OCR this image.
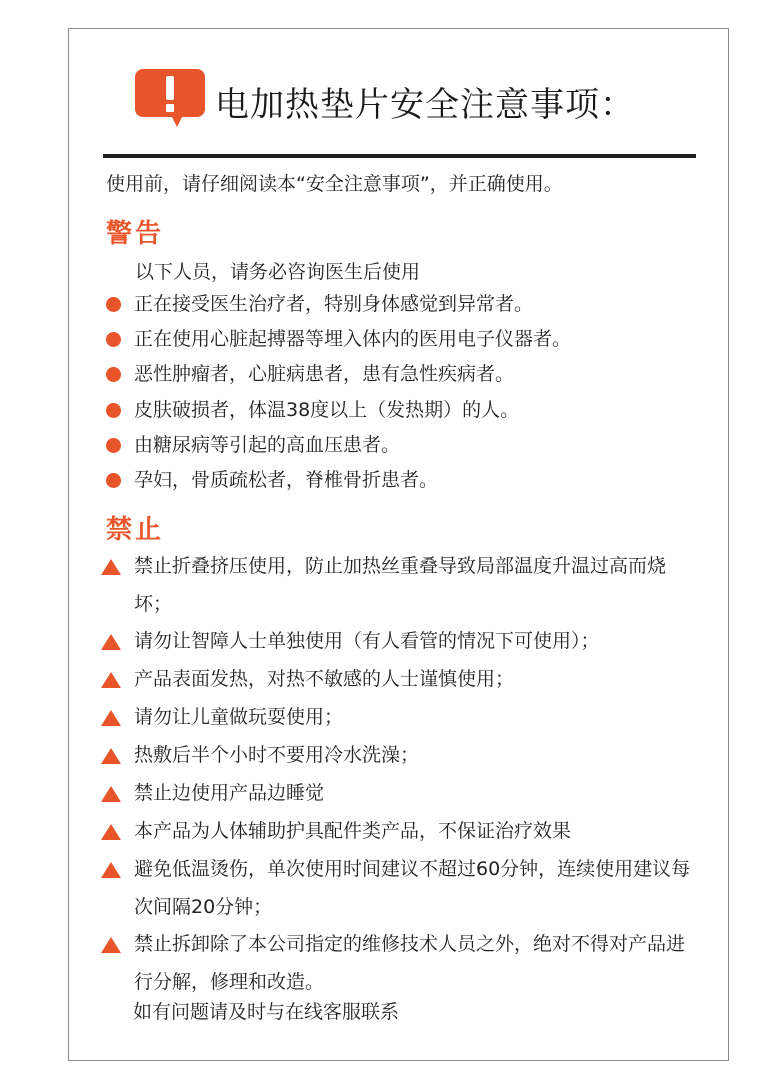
电加热垫片安全注意事项：
使用前，请仔细阅读本“安全注意事项”，并正确使用。
警告
以下人员，请务必咨询医生后使用
正在接受医生治疗者，特别身体感觉到异常者。
正在使用心脏起搏器等埋入体内的医用电子仪器者。
恶性肿瘤者，心脏病患者，患有急性疾病者。
皮肤破损者，体温38度以上（发热期）的人。
由糖尿病等引起的高血压患者。
孕妇，骨质疏松者，脊椎骨折患者。
禁止
禁止折叠挤压使用，防止加热丝重叠导致局部温度升温过高而烧坏；
请勿让智障人士单独使用（有人看管的情况下可使用）；
产品表面发热，对热不敏感的人士谨慎使用；
请勿让儿童做玩耍使用；
热敷后半个小时不要用冷水洗澡；
禁止边使用产品边睡觉
本产品为人体辅助护具配件类产品，不保证治疗效果
避免低温烫伤，单次使用时间建议不超过60分钟，连续使用建议每次间隔20分钟；
禁止拆卸除了本公司指定的维修技术人员之外，绝对不得对产品进行分解，修理和改造。
如有问题请及时与在线客服联系
